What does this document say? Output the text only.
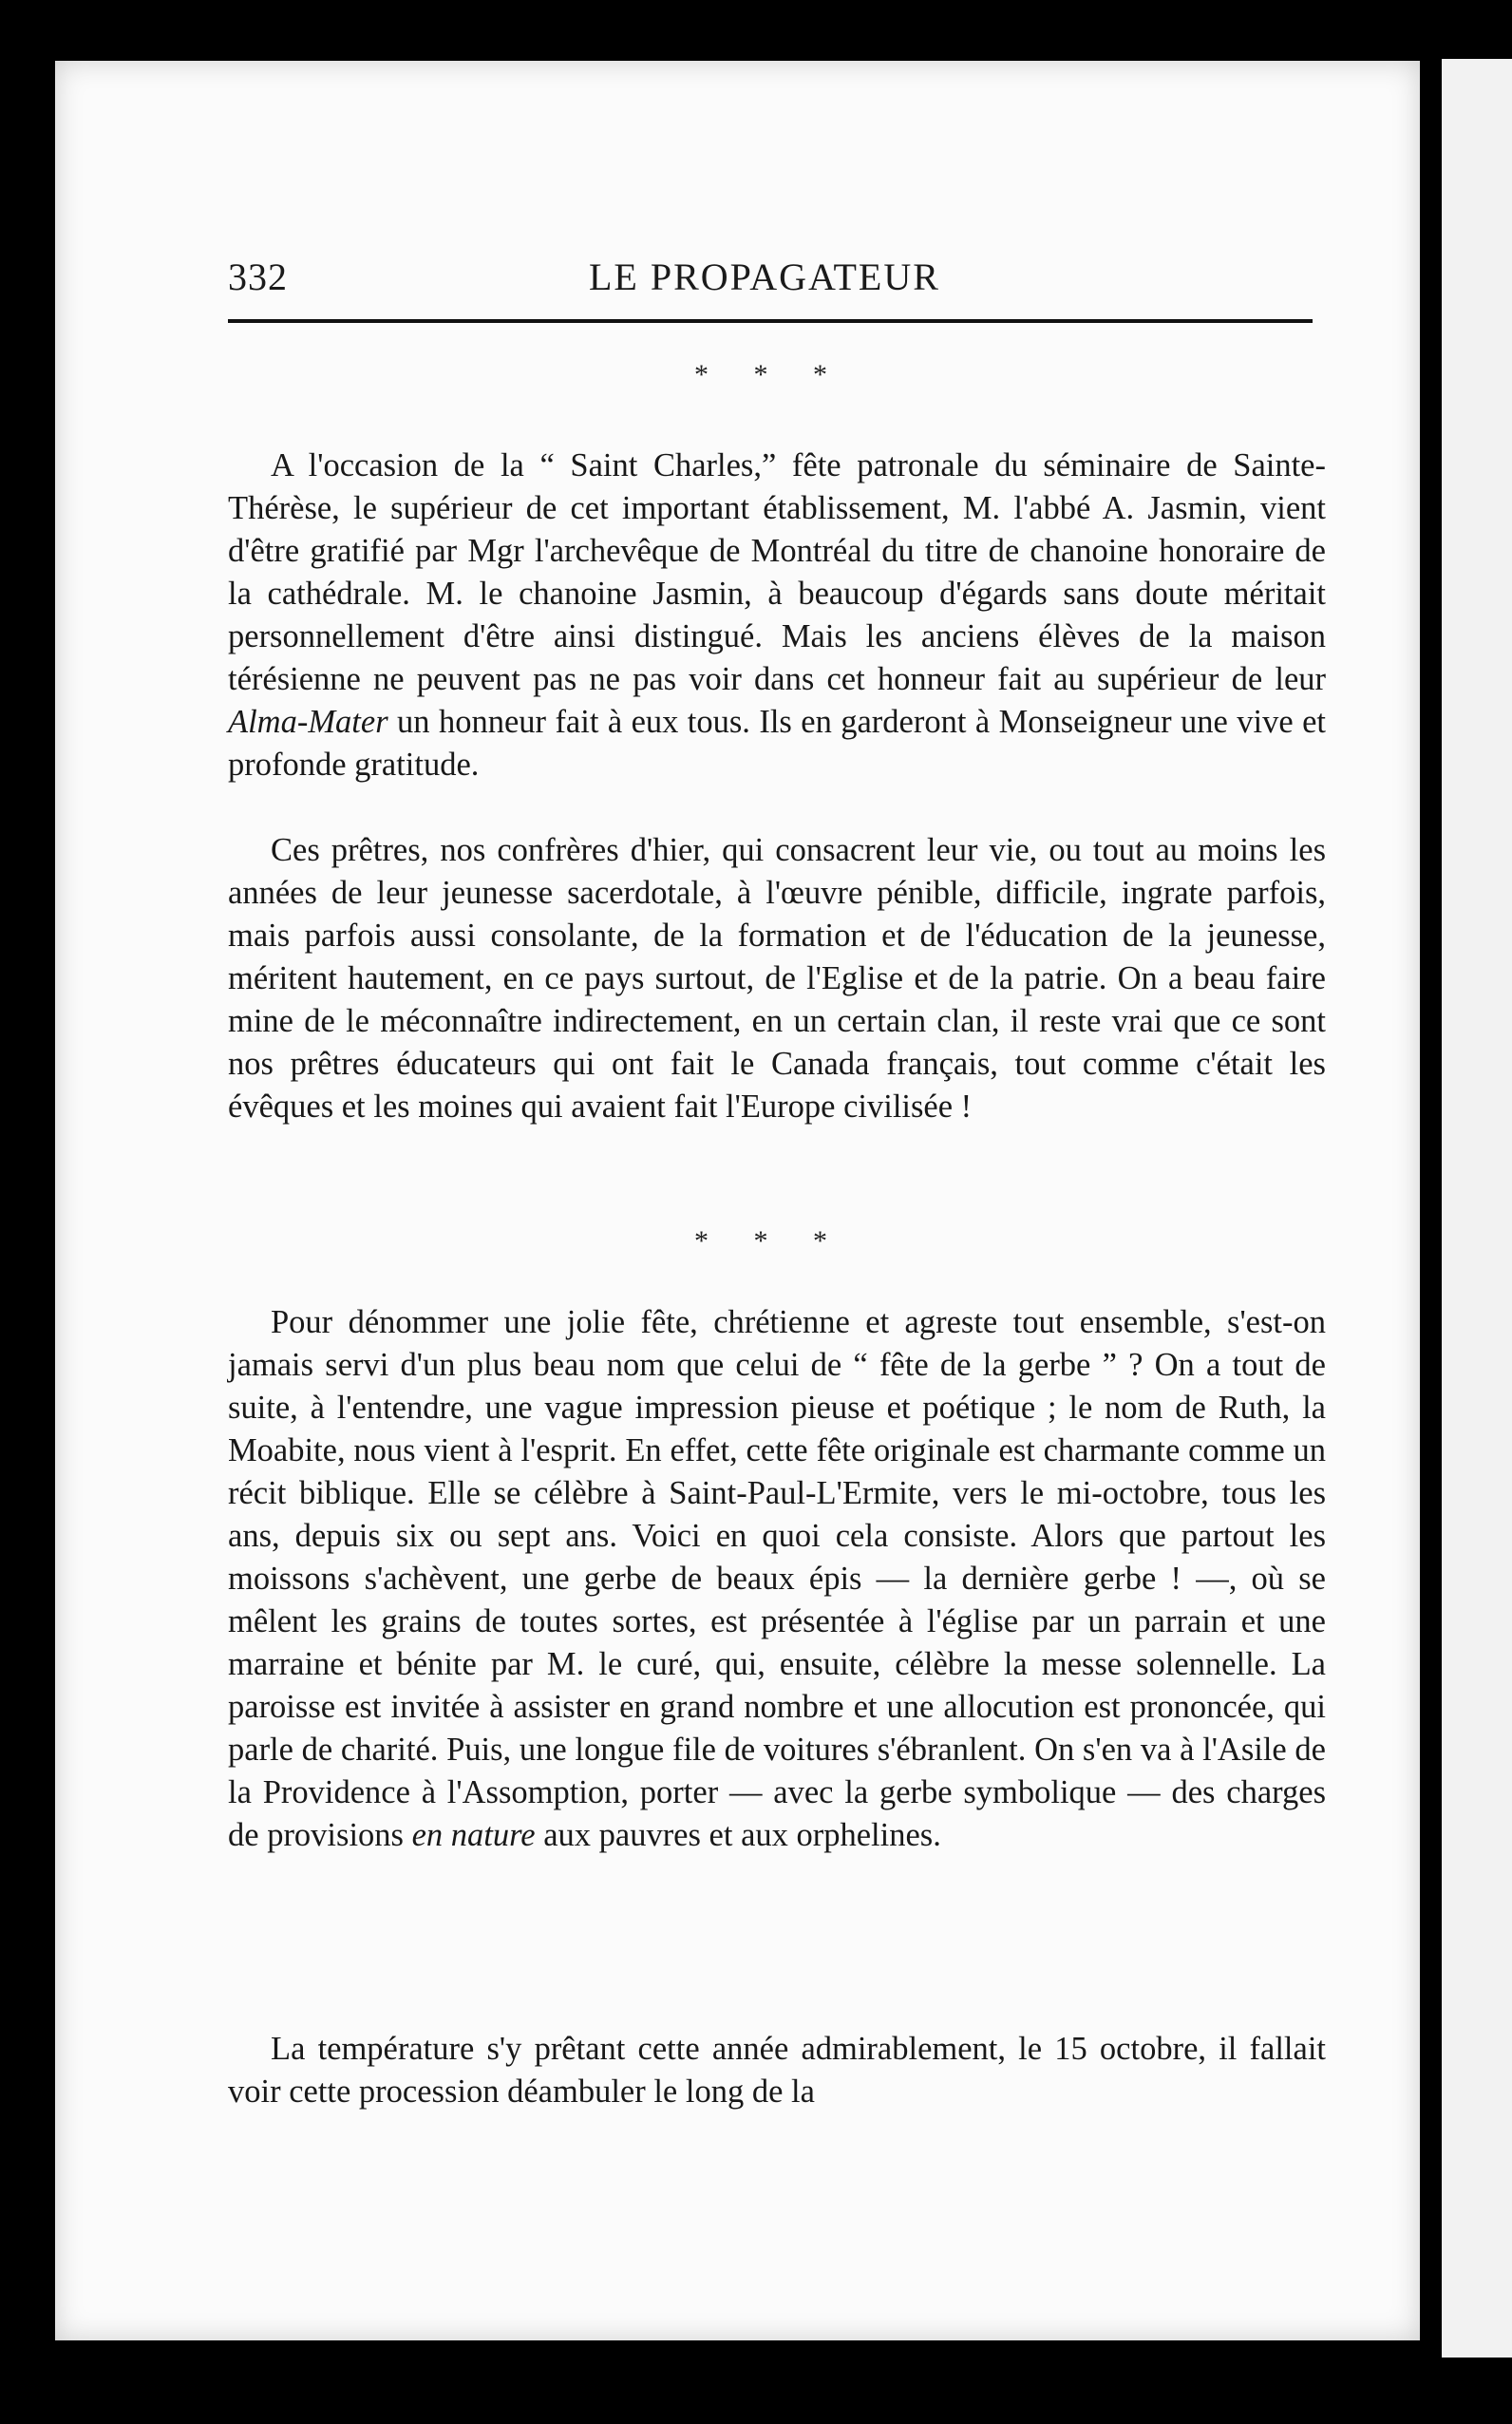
332	LE PROPAGATEUR
* * *

A l'occasion de la “ Saint Charles,” fête patronale du séminaire de Sainte-Thérèse, le supérieur de cet important établissement, M. l'abbé A. Jasmin, vient d'être gratifié par Mgr l'archevêque de Montréal du titre de chanoine honoraire de la cathédrale. M. le chanoine Jasmin, à beaucoup d'égards sans doute méritait personnellement d'être ainsi distingué. Mais les anciens élèves de la maison térésienne ne peuvent pas ne pas voir dans cet honneur fait au supérieur de leur Alma-Mater un honneur fait à eux tous. Ils en garderont à Monseigneur une vive et profonde gratitude.

Ces prêtres, nos confrères d'hier, qui consacrent leur vie, ou tout au moins les années de leur jeunesse sacerdotale, à l'œuvre pénible, difficile, ingrate parfois, mais parfois aussi consolante, de la formation et de l'éducation de la jeunesse, méritent hautement, en ce pays surtout, de l'Eglise et de la patrie. On a beau faire mine de le méconnaître indirectement, en un certain clan, il reste vrai que ce sont nos prêtres éducateurs qui ont fait le Canada français, tout comme c'était les évêques et les moines qui avaient fait l'Europe civilisée !

* * *

Pour dénommer une jolie fête, chrétienne et agreste tout ensemble, s'est-on jamais servi d'un plus beau nom que celui de “ fête de la gerbe ” ? On a tout de suite, à l'entendre, une vague impression pieuse et poétique ; le nom de Ruth, la Moabite, nous vient à l'esprit. En effet, cette fête originale est charmante comme un récit biblique. Elle se célèbre à Saint-Paul-L'Ermite, vers le mi-octobre, tous les ans, depuis six ou sept ans. Voici en quoi cela consiste. Alors que partout les moissons s'achèvent, une gerbe de beaux épis — la dernière gerbe ! —, où se mêlent les grains de toutes sortes, est présentée à l'église par un parrain et une marraine et bénite par M. le curé, qui, ensuite, célèbre la messe solennelle. La paroisse est invitée à assister en grand nombre et une allocution est prononcée, qui parle de charité. Puis, une longue file de voitures s'ébranlent. On s'en va à l'Asile de la Providence à l'Assomption, porter — avec la gerbe symbolique — des charges de provisions en nature aux pauvres et aux orphelines.

La température s'y prêtant cette année admirablement, le 15 octobre, il fallait voir cette procession déambuler le long de la
